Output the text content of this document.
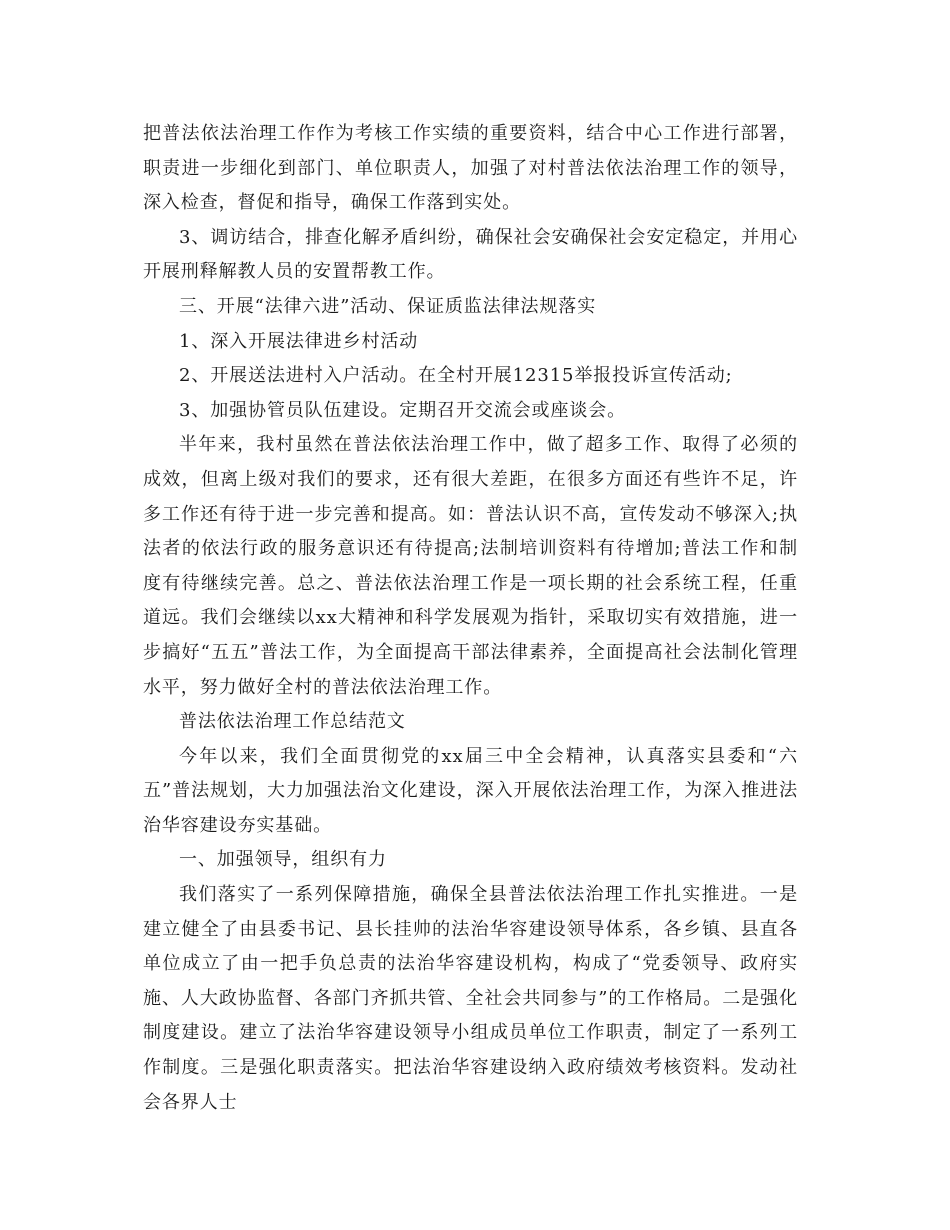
把普法依法治理工作作为考核工作实绩的重要资料，结合中心工作进行部署，职责进一步细化到部门、单位职责人，加强了对村普法依法治理工作的领导，深入检查，督促和指导，确保工作落到实处。

3、调访结合，排查化解矛盾纠纷，确保社会安确保社会安定稳定，并用心开展刑释解教人员的安置帮教工作。

三、开展“法律六进”活动、保证质监法律法规落实

1、深入开展法律进乡村活动

2、开展送法进村入户活动。在全村开展12315举报投诉宣传活动;

3、加强协管员队伍建设。定期召开交流会或座谈会。

半年来，我村虽然在普法依法治理工作中，做了超多工作、取得了必须的成效，但离上级对我们的要求，还有很大差距，在很多方面还有些许不足，许多工作还有待于进一步完善和提高。如：普法认识不高，宣传发动不够深入;执法者的依法行政的服务意识还有待提高;法制培训资料有待增加;普法工作和制度有待继续完善。总之、普法依法治理工作是一项长期的社会系统工程，任重道远。我们会继续以xx大精神和科学发展观为指针，采取切实有效措施，进一步搞好“五五”普法工作，为全面提高干部法律素养，全面提高社会法制化管理水平，努力做好全村的普法依法治理工作。

普法依法治理工作总结范文

今年以来，我们全面贯彻党的xx届三中全会精神，认真落实县委和“六五”普法规划，大力加强法治文化建设，深入开展依法治理工作，为深入推进法治华容建设夯实基础。

一、加强领导，组织有力

我们落实了一系列保障措施，确保全县普法依法治理工作扎实推进。一是建立健全了由县委书记、县长挂帅的法治华容建设领导体系，各乡镇、县直各单位成立了由一把手负总责的法治华容建设机构，构成了“党委领导、政府实施、人大政协监督、各部门齐抓共管、全社会共同参与”的工作格局。二是强化制度建设。建立了法治华容建设领导小组成员单位工作职责，制定了一系列工作制度。三是强化职责落实。把法治华容建设纳入政府绩效考核资料。发动社会各界人士
